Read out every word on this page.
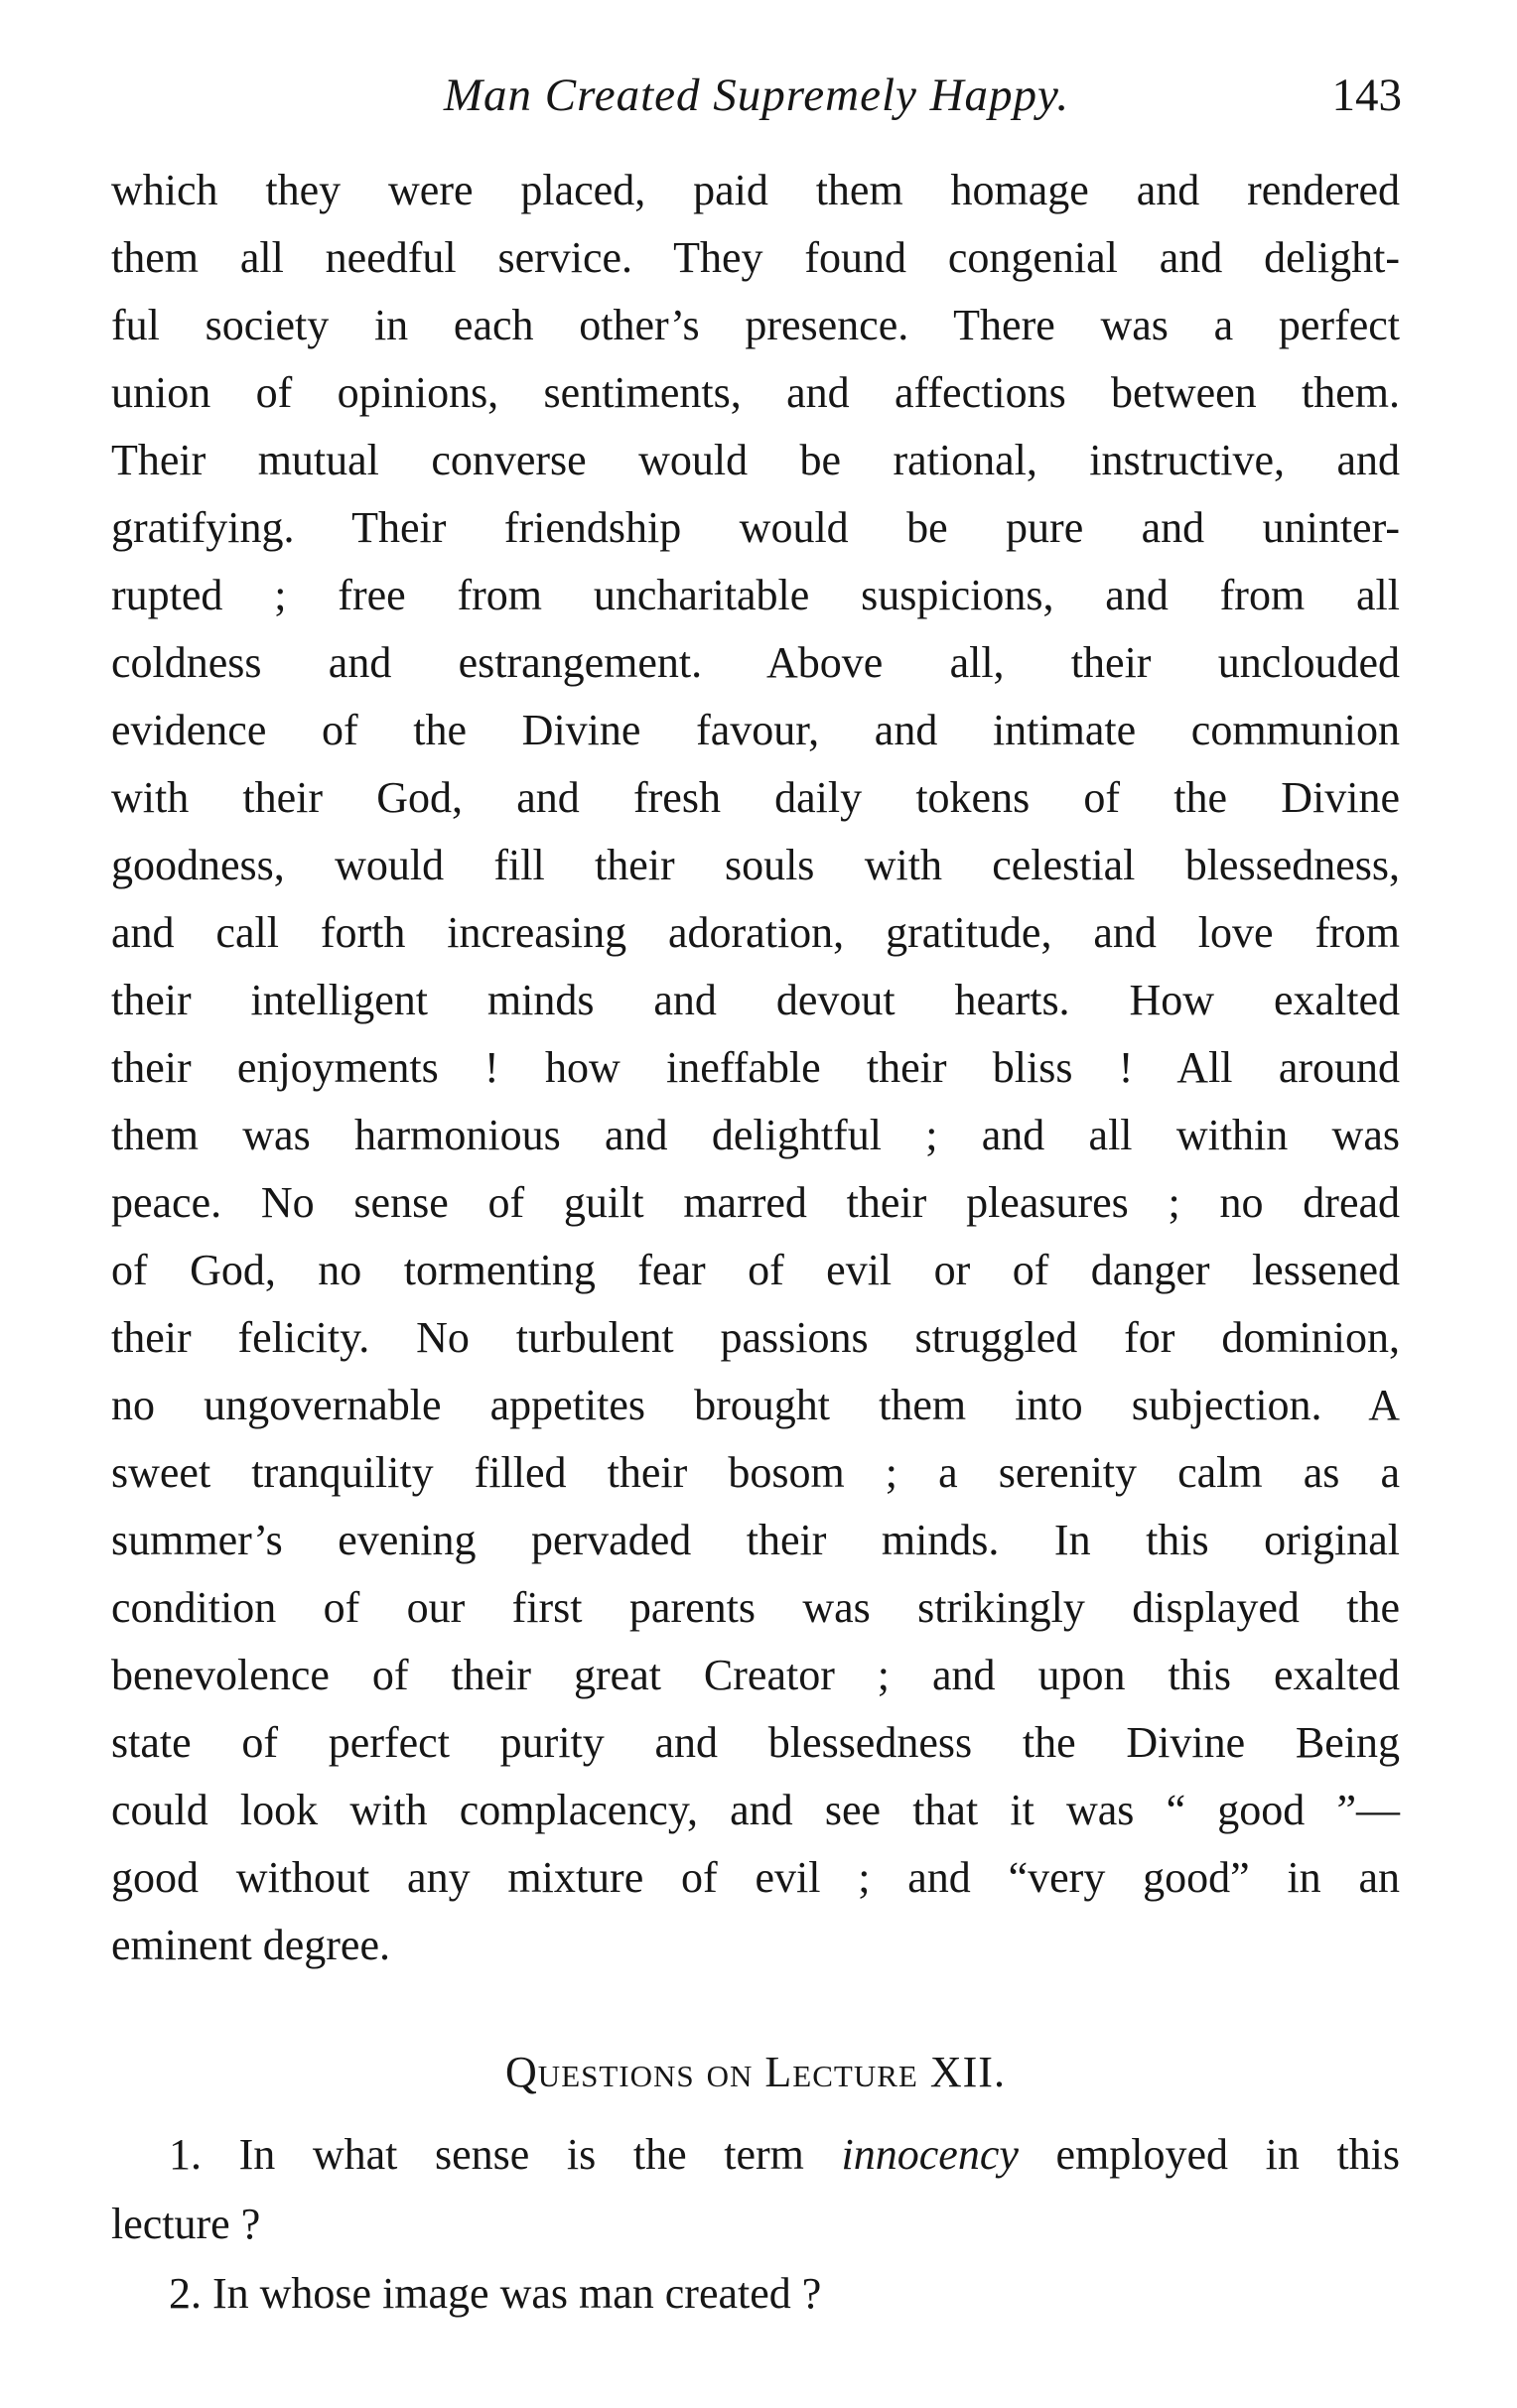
Man Created Supremely Happy.	143
which they were placed, paid them homage and rendered
them all needful service. They found congenial and delight-
ful society in each other’s presence. There was a perfect
union of opinions, sentiments, and affections between them.
Their mutual converse would be rational, instructive, and
gratifying. Their friendship would be pure and uninter-
rupted ; free from uncharitable suspicions, and from all
coldness and estrangement. Above all, their unclouded
evidence of the Divine favour, and intimate communion
with their God, and fresh daily tokens of the Divine
goodness, would fill their souls with celestial blessedness,
and call forth increasing adoration, gratitude, and love from
their intelligent minds and devout hearts. How exalted
their enjoyments ! how ineffable their bliss ! All around
them was harmonious and delightful ; and all within was
peace. No sense of guilt marred their pleasures ; no dread
of God, no tormenting fear of evil or of danger lessened
their felicity. No turbulent passions struggled for dominion,
no ungovernable appetites brought them into subjection. A
sweet tranquility filled their bosom ; a serenity calm as a
summer’s evening pervaded their minds. In this original
condition of our first parents was strikingly displayed the
benevolence of their great Creator ; and upon this exalted
state of perfect purity and blessedness the Divine Being
could look with complacency, and see that it was “ good ”—
good without any mixture of evil ; and “very good” in an
eminent degree.
Questions on Lecture XII.
1. In what sense is the term innocency employed in this
lecture ?
2. In whose image was man created ?
